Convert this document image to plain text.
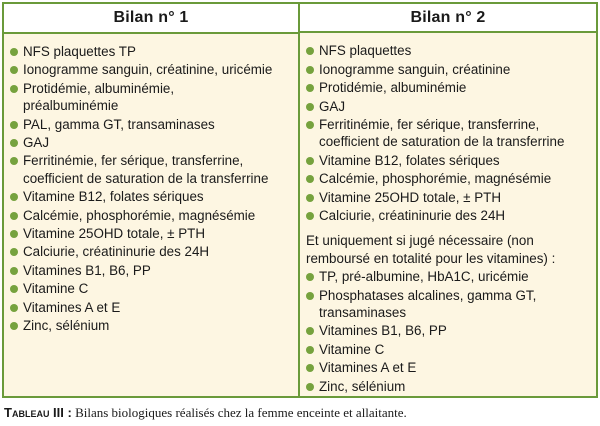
Bilan n° 1
NFS plaquettes TP
Ionogramme sanguin, créatinine, uricémie
Protidémie, albuminémie,
préalbuminémie
PAL, gamma GT, transaminases
GAJ
Ferritinémie, fer sérique, transferrine,
coefficient de saturation de la transferrine
Vitamine B12, folates sériques
Calcémie, phosphorémie, magnésémie
Vitamine 25OHD totale, ± PTH
Calciurie, créatininurie des 24H
Vitamines B1, B6, PP
Vitamine C
Vitamines A et E
Zinc, sélénium
Bilan n° 2
NFS plaquettes
Ionogramme sanguin, créatinine
Protidémie, albuminémie
GAJ
Ferritinémie, fer sérique, transferrine,
coefficient de saturation de la transferrine
Vitamine B12, folates sériques
Calcémie, phosphorémie, magnésémie
Vitamine 25OHD totale, ± PTH
Calciurie, créatininurie des 24H
Et uniquement si jugé nécessaire (non
remboursé en totalité pour les vitamines) :
TP, pré-albumine, HbA1C, uricémie
Phosphatases alcalines, gamma GT,
transaminases
Vitamines B1, B6, PP
Vitamine C
Vitamines A et E
Zinc, sélénium
Tableau III : Bilans biologiques réalisés chez la femme enceinte et allaitante.
